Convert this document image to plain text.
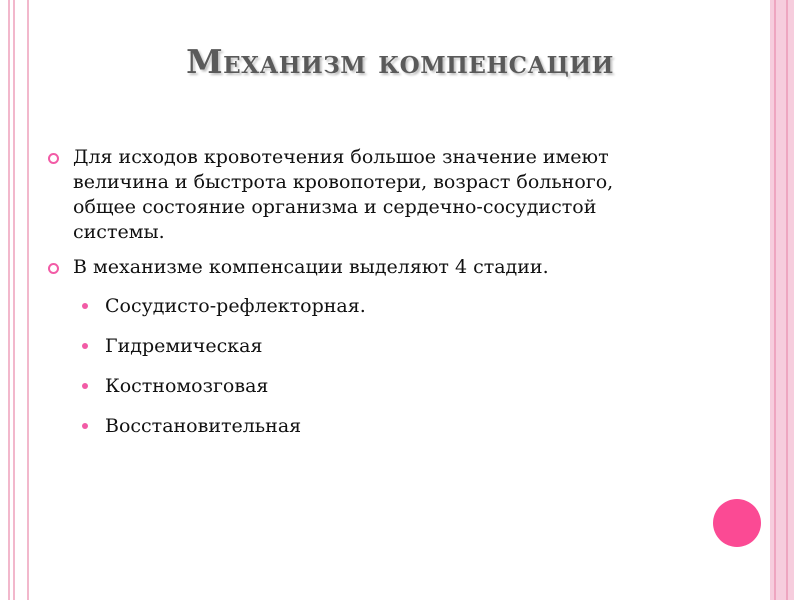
Механизм компенсации
Для исходов кровотечения большое значение имеют величина и быстрота кровопотери, возраст больного, общее состояние организма и сердечно-сосудистой системы.
В механизме компенсации выделяют 4 стадии.
Сосудисто-рефлекторная.
Гидремическая
Костномозговая
Восстановительная
